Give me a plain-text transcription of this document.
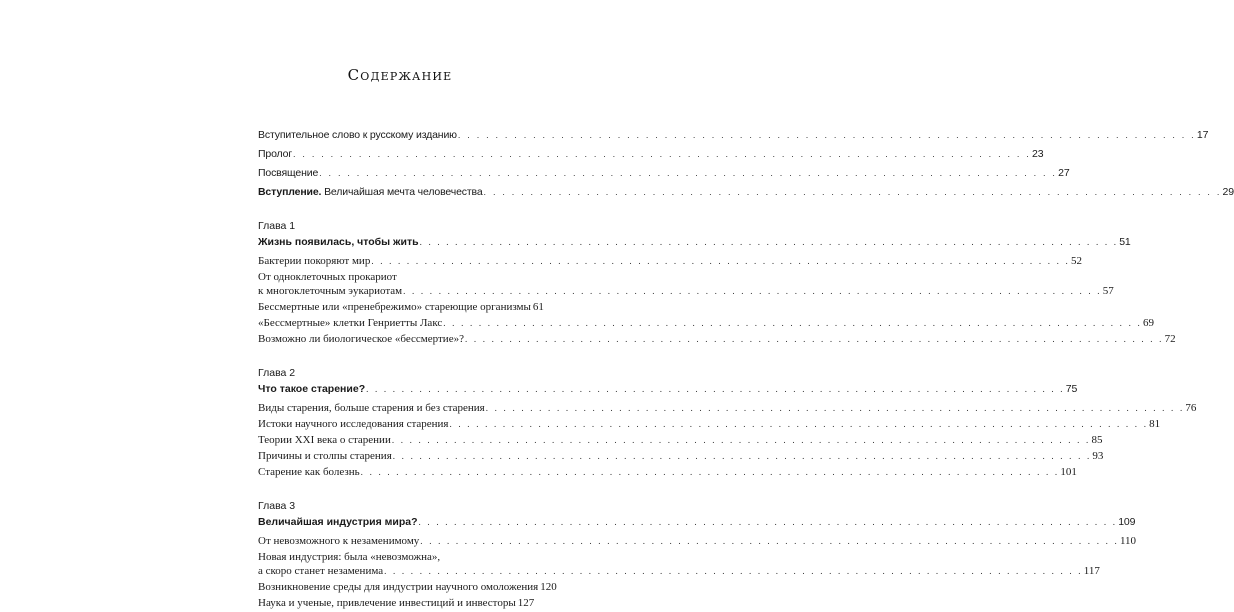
Содержание
Вступительное слово к русскому изданию . . .	17
Пролог . . .	23
Посвящение . . .	27
Вступление. Величайшая мечта человечества . . .	29
Глава 1
Жизнь появилась, чтобы жить . . .	51
Бактерии покоряют мир . . .	52
От одноклеточных прокариот
к многоклеточным эукариотам . . .	57
Бессмертные или «пренебрежимо» стареющие организмы 61
«Бессмертные» клетки Генриетты Лакс . . .	69
Возможно ли биологическое «бессмертие»? . . .	72
Глава 2
Что такое старение? . . .	75
Виды старения, больше старения и без старения . . .	76
Истоки научного исследования старения . . .	81
Теории XXI века о старении . . .	85
Причины и столпы старения . . .	93
Старение как болезнь . . .	101
Глава 3
Величайшая индустрия мира? . . .	109
От невозможного к незаменимому . . .	110
Новая индустрия: была «невозможна»,
а скоро станет незаменима . . .	117
Возникновение среды для индустрии научного омоложения 120
Наука и ученые, привлечение инвестиций и инвесторы 127
